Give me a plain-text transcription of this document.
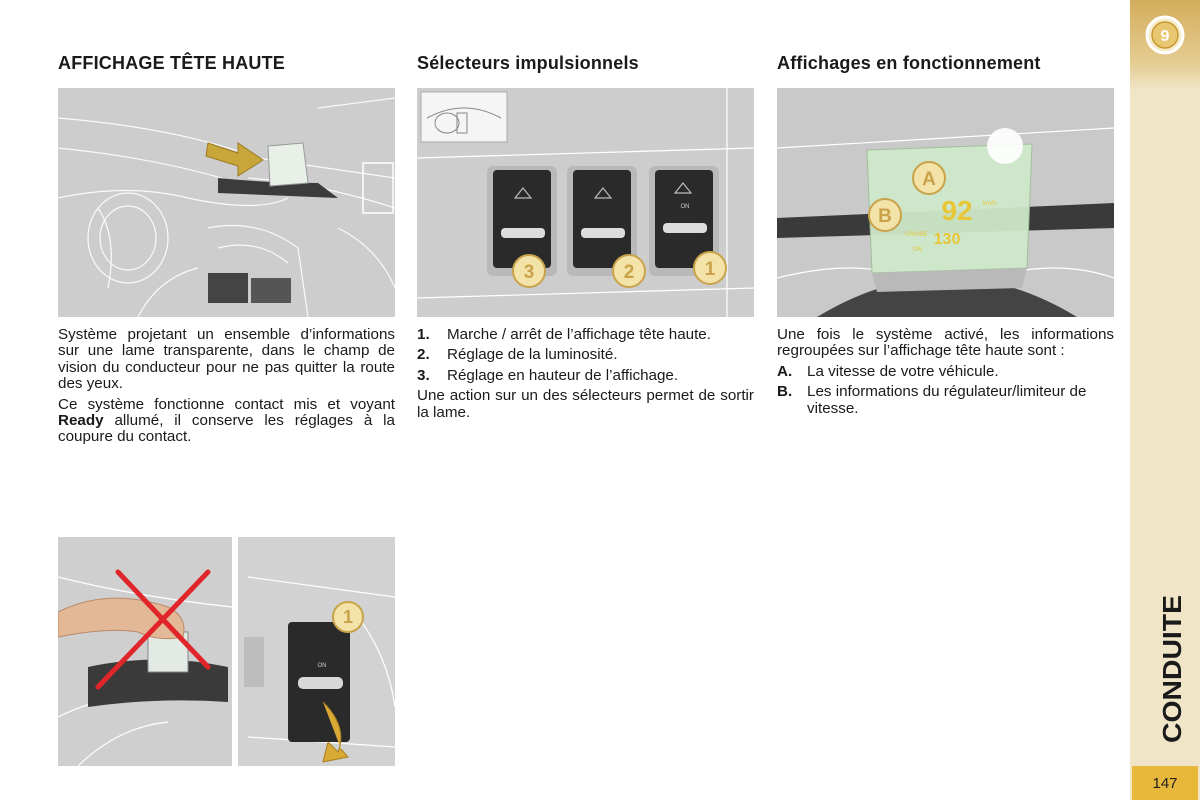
AFFICHAGE TÊTE HAUTE

Système projetant un ensemble d’informations sur une lame transparente, dans le champ de vision du conducteur pour ne pas quitter la route des yeux.

Ce système fonctionne contact mis et voyant Ready allumé, il conserve les réglages à la coupure du contact.

1
ON
Sélecteurs impulsionnels
ON
3	2	1
1.	Marche / arrêt de l’affichage tête haute.
2.	Réglage de la luminosité.
3.	Réglage en hauteur de l’affichage.

Une action sur un des sélecteurs permet de sortir la lame.

Affichages en fonctionnement
92 km/h
CRUISE 130
ON
A
B

Une fois le système activé, les informations regroupées sur l’affichage tête haute sont :

A. La vitesse de votre véhicule.
B. Les informations du régulateur/limiteur de vitesse.
9
CONDUITE
147
